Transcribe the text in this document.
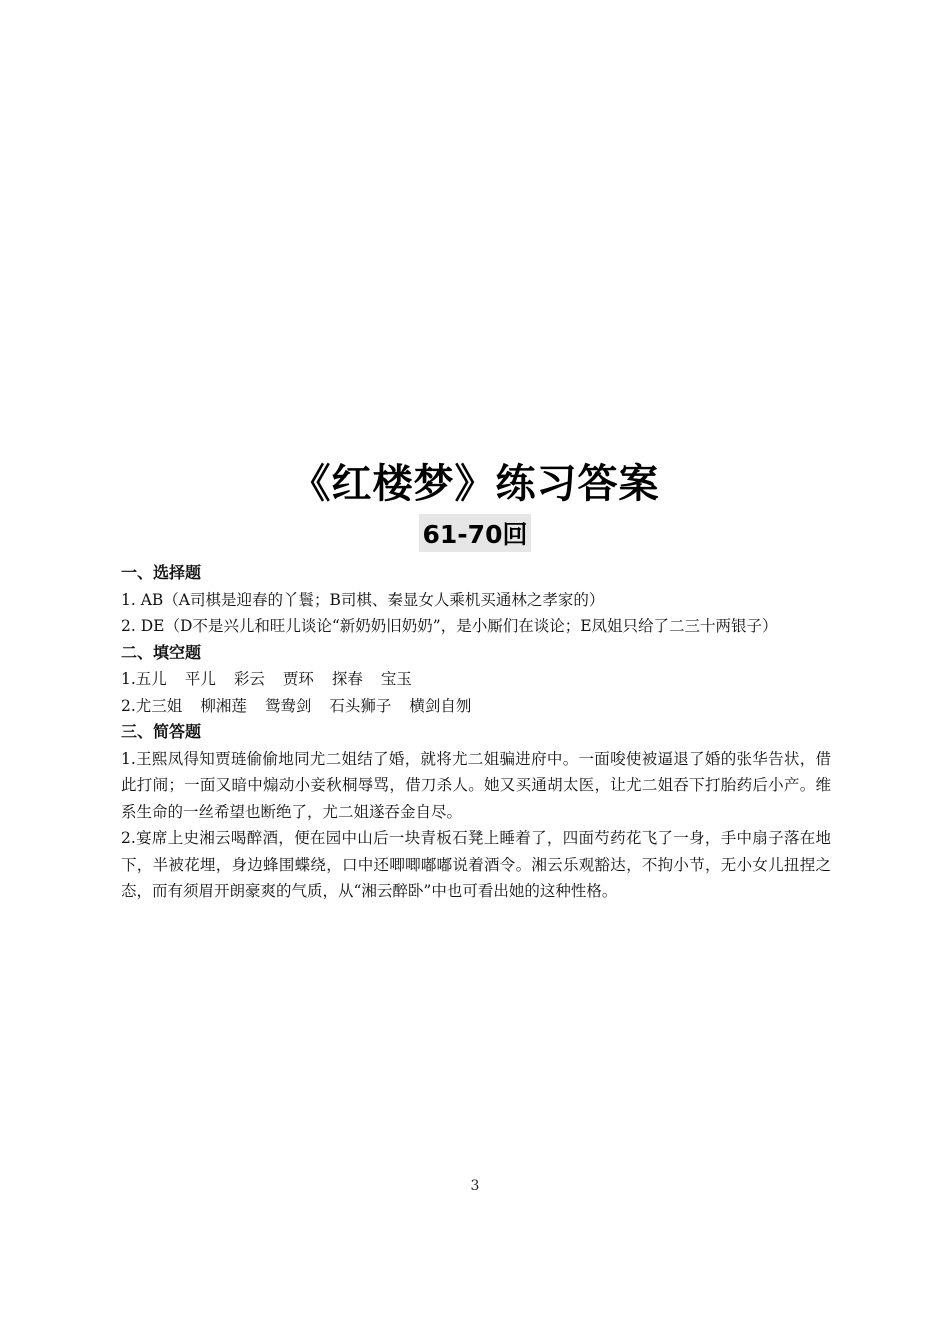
《红楼梦》练习答案
61-70回

一、选择题

1. AB（A司棋是迎春的丫鬟；B司棋、秦显女人乘机买通林之孝家的）

2. DE（D不是兴儿和旺儿谈论“新奶奶旧奶奶”，是小厮们在谈论；E凤姐只给了二三十两银子）

二、填空题

1.五儿 平儿 彩云 贾环 探春 宝玉

2.尤三姐 柳湘莲 鸳鸯剑 石头狮子 横剑自刎

三、简答题

1.王熙凤得知贾琏偷偷地同尤二姐结了婚，就将尤二姐骗进府中。一面唆使被逼退了婚的张华告状，借此打闹；一面又暗中煽动小妾秋桐辱骂，借刀杀人。她又买通胡太医，让尤二姐吞下打胎药后小产。维系生命的一丝希望也断绝了，尤二姐遂吞金自尽。

2.宴席上史湘云喝醉酒，便在园中山后一块青板石凳上睡着了，四面芍药花飞了一身，手中扇子落在地下，半被花埋，身边蜂围蝶绕，口中还唧唧嘟嘟说着酒令。湘云乐观豁达，不拘小节，无小女儿扭捏之态，而有须眉开朗豪爽的气质，从“湘云醉卧”中也可看出她的这种性格。

3
